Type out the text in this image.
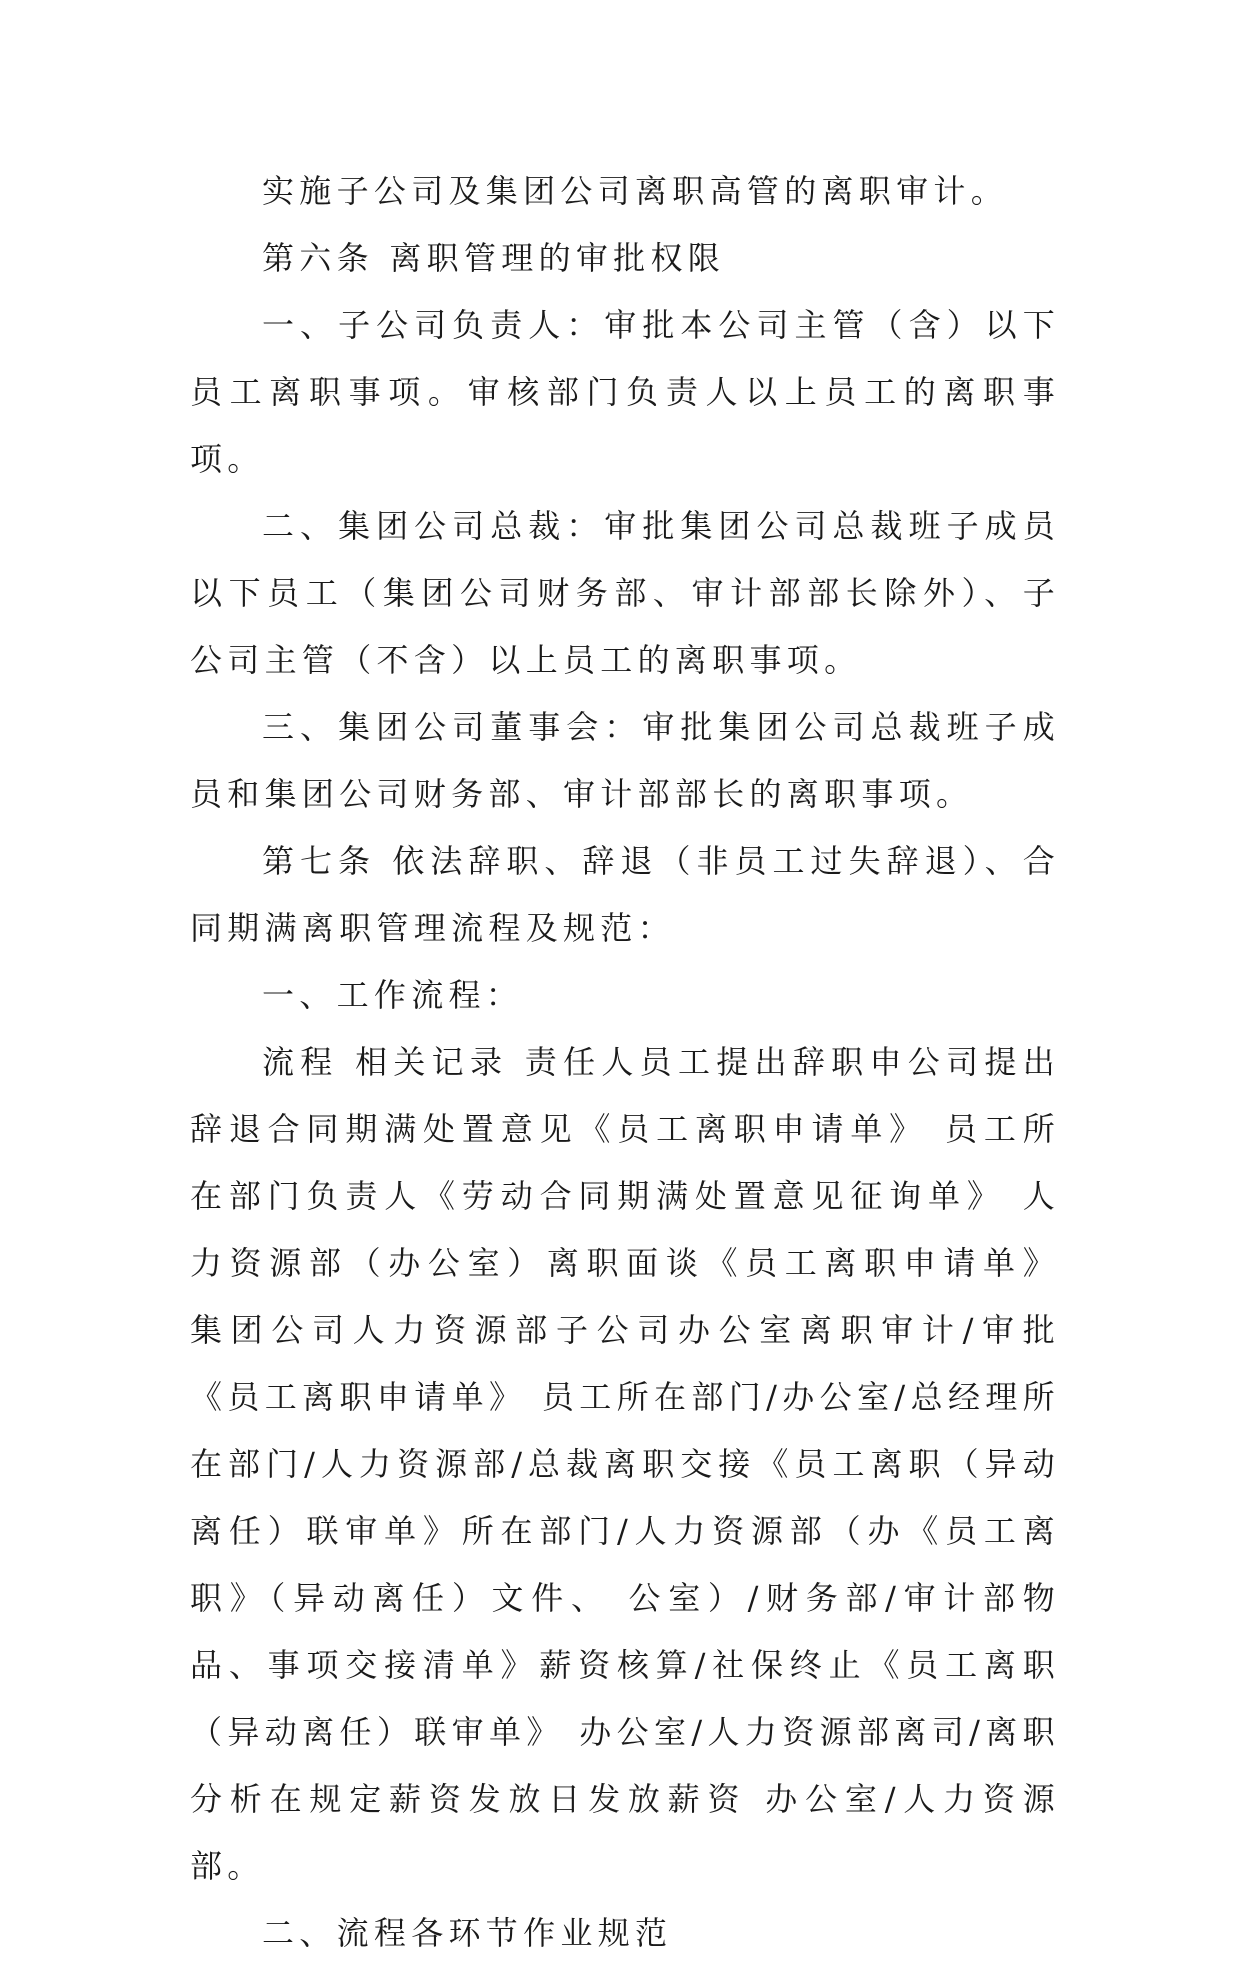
实施子公司及集团公司离职高管的离职审计。

第六条 离职管理的审批权限

一、子公司负责人：审批本公司主管（含）以下员工离职事项。审核部门负责人以上员工的离职事项。

二、集团公司总裁：审批集团公司总裁班子成员以下员工（集团公司财务部、审计部部长除外）、子公司主管（不含）以上员工的离职事项。

三、集团公司董事会：审批集团公司总裁班子成员和集团公司财务部、审计部部长的离职事项。

第七条 依法辞职、辞退（非员工过失辞退）、合同期满离职管理流程及规范：

一、工作流程：

流程 相关记录 责任人员工提出辞职申公司提出辞退合同期满处置意见《员工离职申请单》 员工所在部门负责人《劳动合同期满处置意见征询单》 人力资源部（办公室）离职面谈《员工离职申请单》 集团公司人力资源部子公司办公室离职审计/审批《员工离职申请单》 员工所在部门/办公室/总经理所在部门/人力资源部/总裁离职交接《员工离职（异动离任）联审单》所在部门/人力资源部（办《员工离职》（异动离任）文件、 公室）/财务部/审计部物品、事项交接清单》薪资核算/社保终止《员工离职（异动离任）联审单》 办公室/人力资源部离司/离职分析在规定薪资发放日发放薪资 办公室/人力资源部。

二、流程各环节作业规范
